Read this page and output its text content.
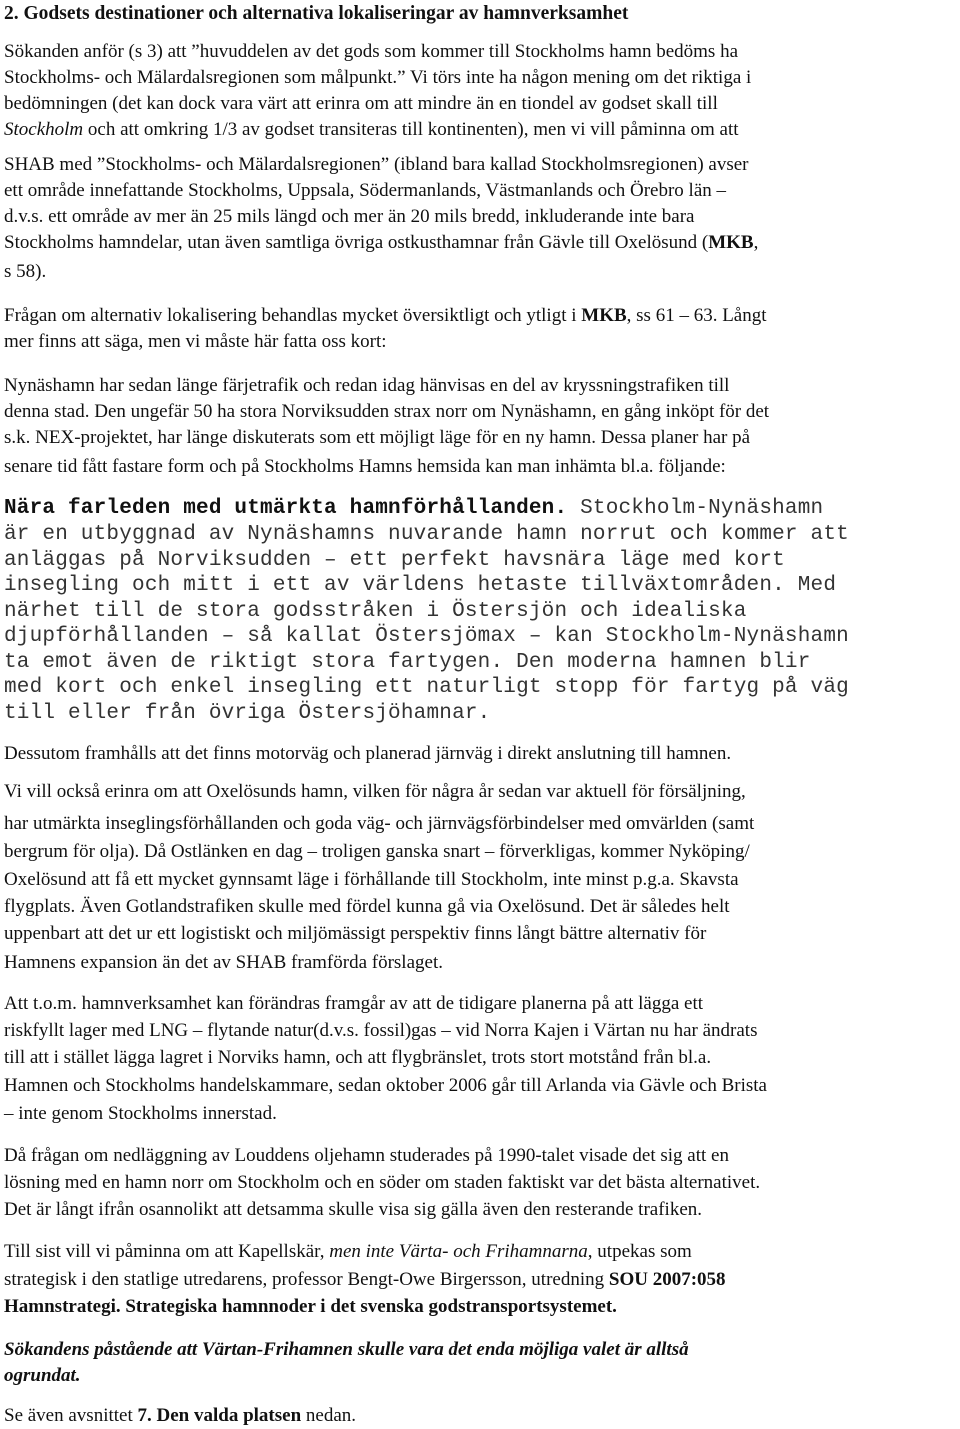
2. Godsets destinationer och alternativa lokaliseringar av hamnverksamhet
Sökanden anför (s 3) att ”huvuddelen av det gods som kommer till Stockholms hamn bedöms ha
Stockholms- och Mälardalsregionen som målpunkt.” Vi törs inte ha någon mening om det riktiga i
bedömningen (det kan dock vara värt att erinra om att mindre än en tiondel av godset skall till
Stockholm och att omkring 1/3 av godset transiteras till kontinenten), men vi vill påminna om att
SHAB med ”Stockholms- och Mälardalsregionen” (ibland bara kallad Stockholmsregionen) avser
ett område innefattande Stockholms, Uppsala, Södermanlands, Västmanlands och Örebro län –
d.v.s. ett område av mer än 25 mils längd och mer än 20 mils bredd, inkluderande inte bara
Stockholms hamndelar, utan även samtliga övriga ostkusthamnar från Gävle till Oxelösund (MKB,
s 58).
Frågan om alternativ lokalisering behandlas mycket översiktligt och ytligt i MKB, ss 61 – 63. Långt
mer finns att säga, men vi måste här fatta oss kort:
Nynäshamn har sedan länge färjetrafik och redan idag hänvisas en del av kryssningstrafiken till
denna stad. Den ungefär 50 ha stora Norviksudden strax norr om Nynäshamn, en gång inköpt för det
s.k. NEX-projektet, har länge diskuterats som ett möjligt läge för en ny hamn. Dessa planer har på
senare tid fått fastare form och på Stockholms Hamns hemsida kan man inhämta bl.a. följande:
Nära farleden med utmärkta hamnförhållanden. Stockholm-Nynäshamn
är en utbyggnad av Nynäshamns nuvarande hamn norrut och kommer att
anläggas på Norviksudden – ett perfekt havsnära läge med kort
insegling och mitt i ett av världens hetaste tillväxtområden. Med
närhet till de stora godsstråken i Östersjön och idealiska
djupförhållanden – så kallat Östersjömax – kan Stockholm-Nynäshamn
ta emot även de riktigt stora fartygen. Den moderna hamnen blir
med kort och enkel insegling ett naturligt stopp för fartyg på väg
till eller från övriga Östersjöhamnar.
Dessutom framhålls att det finns motorväg och planerad järnväg i direkt anslutning till hamnen.
Vi vill också erinra om att Oxelösunds hamn, vilken för några år sedan var aktuell för försäljning,
har utmärkta inseglingsförhållanden och goda väg- och järnvägsförbindelser med omvärlden (samt
bergrum för olja). Då Ostlänken en dag – troligen ganska snart – förverkligas, kommer Nyköping/
Oxelösund att få ett mycket gynnsamt läge i förhållande till Stockholm, inte minst p.g.a. Skavsta
flygplats. Även Gotlandstrafiken skulle med fördel kunna gå via Oxelösund. Det är således helt
uppenbart att det ur ett logistiskt och miljömässigt perspektiv finns långt bättre alternativ för
Hamnens expansion än det av SHAB framförda förslaget.
Att t.o.m. hamnverksamhet kan förändras framgår av att de tidigare planerna på att lägga ett
riskfyllt lager med LNG – flytande natur(d.v.s. fossil)gas – vid Norra Kajen i Värtan nu har ändrats
till att i stället lägga lagret i Norviks hamn, och att flygbränslet, trots stort motstånd från bl.a.
Hamnen och Stockholms handelskammare, sedan oktober 2006 går till Arlanda via Gävle och Brista
– inte genom Stockholms innerstad.
Då frågan om nedläggning av Louddens oljehamn studerades på 1990-talet visade det sig att en
lösning med en hamn norr om Stockholm och en söder om staden faktiskt var det bästa alternativet.
Det är långt ifrån osannolikt att detsamma skulle visa sig gälla även den resterande trafiken.
Till sist vill vi påminna om att Kapellskär, men inte Värta- och Frihamnarna, utpekas som
strategisk i den statlige utredarens, professor Bengt-Owe Birgersson, utredning SOU 2007:058
Hamnstrategi. Strategiska hamnnoder i det svenska godstransportsystemet.
Sökandens påstående att Värtan-Frihamnen skulle vara det enda möjliga valet är alltså
ogrundat.
Se även avsnittet 7. Den valda platsen nedan.
